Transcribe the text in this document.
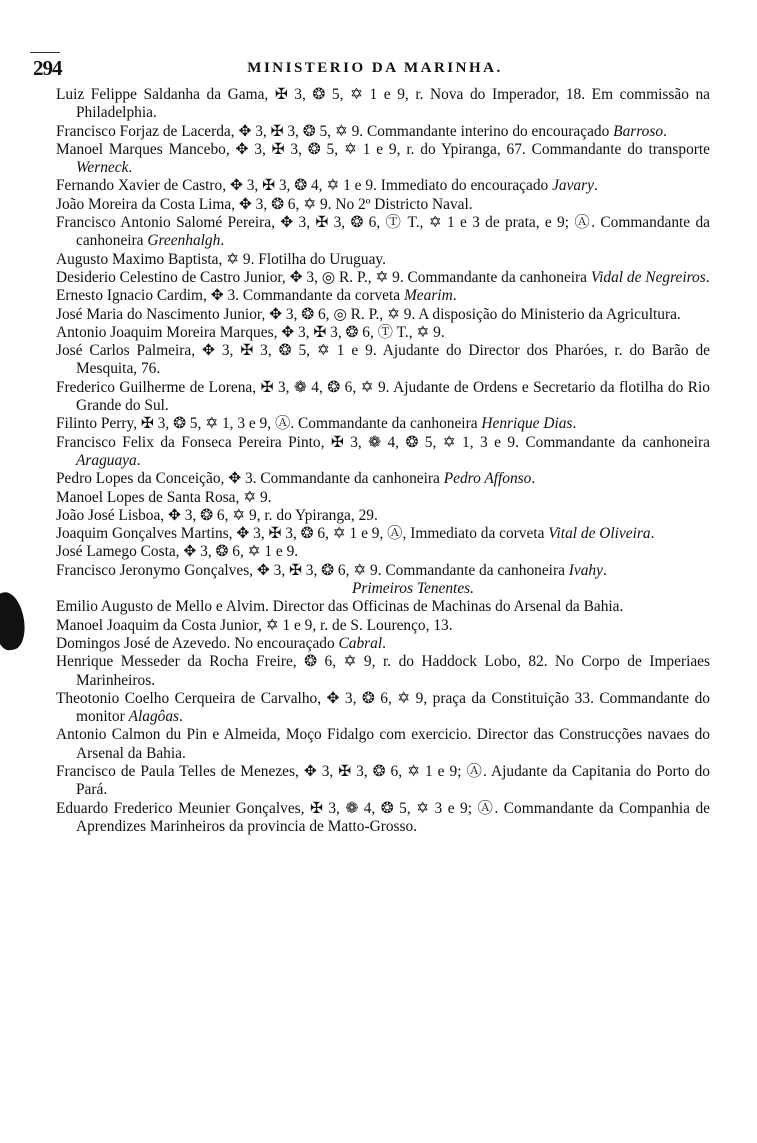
294	MINISTERIO DA MARINHA.

Luiz Felippe Saldanha da Gama, ✠ 3, ❂ 5, ✡ 1 e 9, r. Nova do Imperador, 18. Em commissão na Philadelphia.

Francisco Forjaz de Lacerda, ✥ 3, ✠ 3, ❂ 5, ✡ 9. Commandante interino do encouraçado Barroso.

Manoel Marques Mancebo, ✥ 3, ✠ 3, ❂ 5, ✡ 1 e 9, r. do Ypiranga, 67. Commandante do transporte Werneck.

Fernando Xavier de Castro, ✥ 3, ✠ 3, ❂ 4, ✡ 1 e 9. Immediato do encouraçado Javary.

João Moreira da Costa Lima, ✥ 3, ❂ 6, ✡ 9. No 2º Districto Naval.

Francisco Antonio Salomé Pereira, ✥ 3, ✠ 3, ❂ 6, Ⓣ T., ✡ 1 e 3 de prata, e 9; Ⓐ. Commandante da canhoneira Greenhalgh.

Augusto Maximo Baptista, ✡ 9. Flotilha do Uruguay.

Desiderio Celestino de Castro Junior, ✥ 3, ◎ R. P., ✡ 9. Commandante da canhoneira Vidal de Negreiros.

Ernesto Ignacio Cardim, ✥ 3. Commandante da corveta Mearim.

José Maria do Nascimento Junior, ✥ 3, ❂ 6, ◎ R. P., ✡ 9. A disposição do Ministerio da Agricultura.

Antonio Joaquim Moreira Marques, ✥ 3, ✠ 3, ❂ 6, Ⓣ T., ✡ 9.

José Carlos Palmeira, ✥ 3, ✠ 3, ❂ 5, ✡ 1 e 9. Ajudante do Director dos Pharóes, r. do Barão de Mesquita, 76.

Frederico Guilherme de Lorena, ✠ 3, ❁ 4, ❂ 6, ✡ 9. Ajudante de Ordens e Secretario da flotilha do Rio Grande do Sul.

Filinto Perry, ✠ 3, ❂ 5, ✡ 1, 3 e 9, Ⓐ. Commandante da canhoneira Henrique Dias.

Francisco Felix da Fonseca Pereira Pinto, ✠ 3, ❁ 4, ❂ 5, ✡ 1, 3 e 9. Commandante da canhoneira Araguaya.

Pedro Lopes da Conceição, ✥ 3. Commandante da canhoneira Pedro Affonso.

Manoel Lopes de Santa Rosa, ✡ 9.

João José Lisboa, ✥ 3, ❂ 6, ✡ 9, r. do Ypiranga, 29.

Joaquim Gonçalves Martins, ✥ 3, ✠ 3, ❂ 6, ✡ 1 e 9, Ⓐ, Immediato da corveta Vital de Oliveira.

José Lamego Costa, ✥ 3, ❂ 6, ✡ 1 e 9.

Francisco Jeronymo Gonçalves, ✥ 3, ✠ 3, ❂ 6, ✡ 9. Commandante da canhoneira Ivahy.

Primeiros Tenentes.

Emilio Augusto de Mello e Alvim. Director das Officinas de Machinas do Arsenal da Bahia.

Manoel Joaquim da Costa Junior, ✡ 1 e 9, r. de S. Lourenço, 13.

Domingos José de Azevedo. No encouraçado Cabral.

Henrique Messeder da Rocha Freire, ❂ 6, ✡ 9, r. do Haddock Lobo, 82. No Corpo de Imperiaes Marinheiros.

Theotonio Coelho Cerqueira de Carvalho, ✥ 3, ❂ 6, ✡ 9, praça da Constituição 33. Commandante do monitor Alagôas.

Antonio Calmon du Pin e Almeida, Moço Fidalgo com exercicio. Director das Construcções navaes do Arsenal da Bahia.

Francisco de Paula Telles de Menezes, ✥ 3, ✠ 3, ❂ 6, ✡ 1 e 9; Ⓐ. Ajudante da Capitania do Porto do Pará.

Eduardo Frederico Meunier Gonçalves, ✠ 3, ❁ 4, ❂ 5, ✡ 3 e 9; Ⓐ. Commandante da Companhia de Aprendizes Marinheiros da provincia de Matto-Grosso.
